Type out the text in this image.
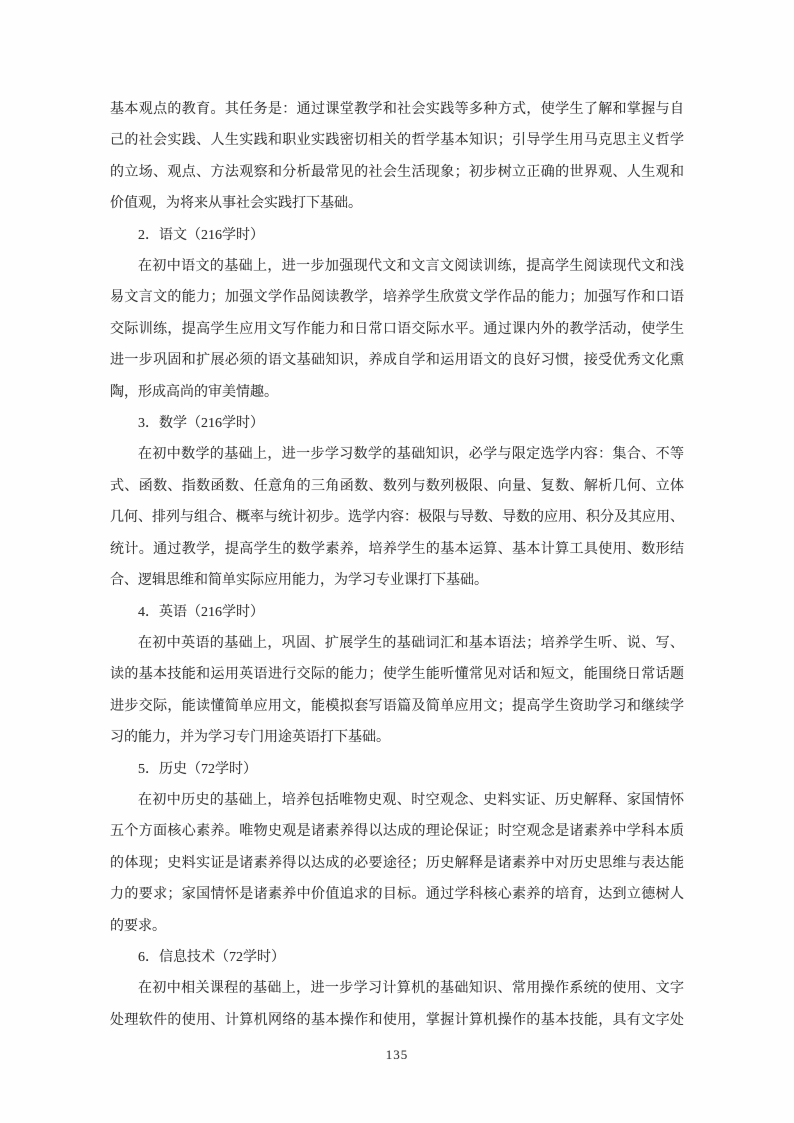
基本观点的教育。其任务是：通过课堂教学和社会实践等多种方式，使学生了解和掌握与自
己的社会实践、人生实践和职业实践密切相关的哲学基本知识；引导学生用马克思主义哲学
的立场、观点、方法观察和分析最常见的社会生活现象；初步树立正确的世界观、人生观和
价值观，为将来从事社会实践打下基础。
2．语文（216学时）
在初中语文的基础上，进一步加强现代文和文言文阅读训练，提高学生阅读现代文和浅
易文言文的能力；加强文学作品阅读教学，培养学生欣赏文学作品的能力；加强写作和口语
交际训练，提高学生应用文写作能力和日常口语交际水平。通过课内外的教学活动，使学生
进一步巩固和扩展必须的语文基础知识，养成自学和运用语文的良好习惯，接受优秀文化熏
陶，形成高尚的审美情趣。
3．数学（216学时）
在初中数学的基础上，进一步学习数学的基础知识，必学与限定选学内容：集合、不等
式、函数、指数函数、任意角的三角函数、数列与数列极限、向量、复数、解析几何、立体
几何、排列与组合、概率与统计初步。选学内容：极限与导数、导数的应用、积分及其应用、
统计。通过教学，提高学生的数学素养，培养学生的基本运算、基本计算工具使用、数形结
合、逻辑思维和简单实际应用能力，为学习专业课打下基础。
4．英语（216学时）
在初中英语的基础上，巩固、扩展学生的基础词汇和基本语法；培养学生听、说、写、
读的基本技能和运用英语进行交际的能力；使学生能听懂常见对话和短文，能围绕日常话题
进步交际，能读懂简单应用文，能模拟套写语篇及简单应用文；提高学生资助学习和继续学
习的能力，并为学习专门用途英语打下基础。
5．历史（72学时）
在初中历史的基础上，培养包括唯物史观、时空观念、史料实证、历史解释、家国情怀
五个方面核心素养。唯物史观是诸素养得以达成的理论保证；时空观念是诸素养中学科本质
的体现；史料实证是诸素养得以达成的必要途径；历史解释是诸素养中对历史思维与表达能
力的要求；家国情怀是诸素养中价值追求的目标。通过学科核心素养的培育，达到立德树人
的要求。
6．信息技术（72学时）
在初中相关课程的基础上，进一步学习计算机的基础知识、常用操作系统的使用、文字
处理软件的使用、计算机网络的基本操作和使用，掌握计算机操作的基本技能，具有文字处
135
